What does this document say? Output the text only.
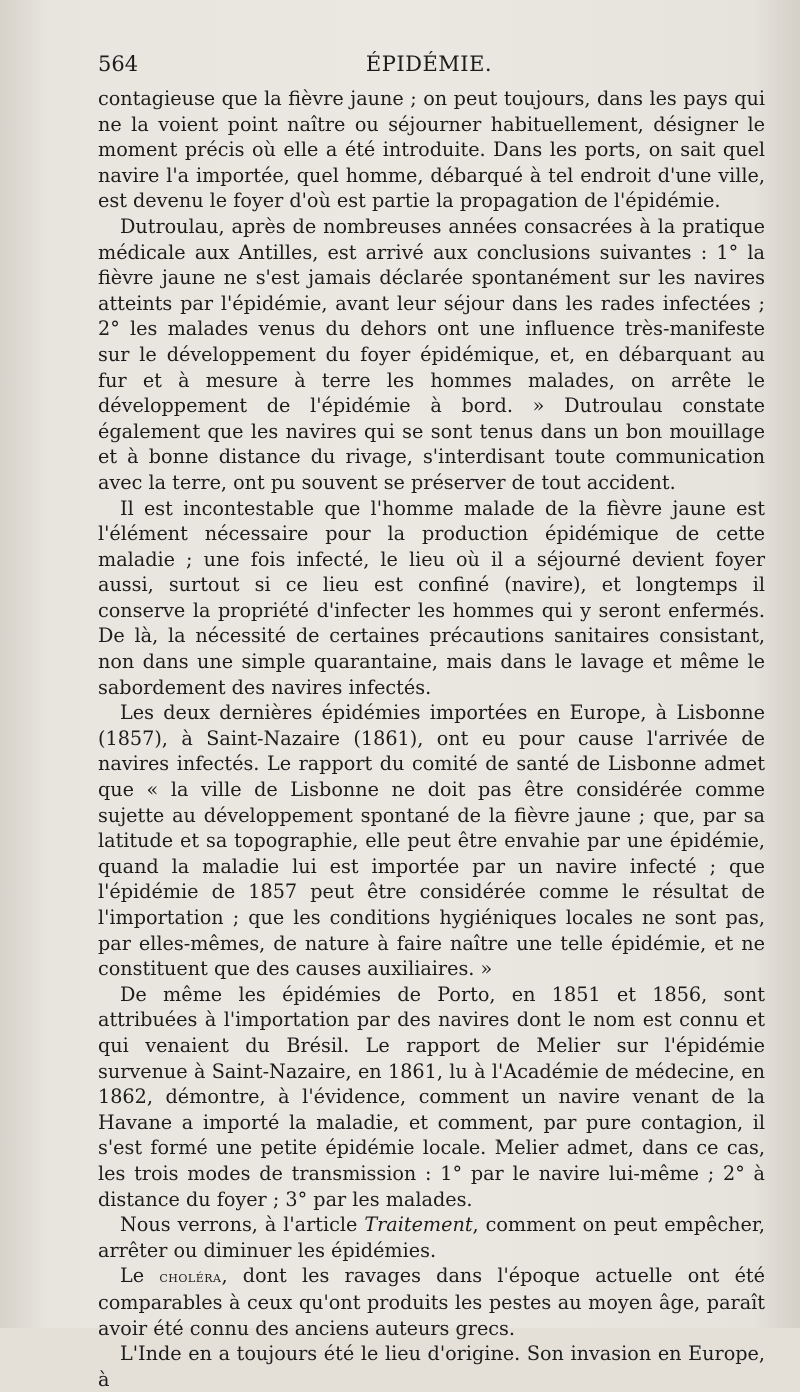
564	ÉPIDÉMIE.

contagieuse que la fièvre jaune ; on peut toujours, dans les pays qui ne la voient point naître ou séjourner habituellement, désigner le moment précis où elle a été introduite. Dans les ports, on sait quel navire l'a importée, quel homme, débarqué à tel endroit d'une ville, est devenu le foyer d'où est partie la propagation de l'épidémie.

Dutroulau, après de nombreuses années consacrées à la pratique médicale aux Antilles, est arrivé aux conclusions suivantes : 1° la fièvre jaune ne s'est jamais déclarée spontanément sur les navires atteints par l'épidémie, avant leur séjour dans les rades infectées ; 2° les malades venus du dehors ont une influence très-manifeste sur le développement du foyer épidémique, et, en débarquant au fur et à mesure à terre les hommes malades, on arrête le développement de l'épidémie à bord. » Dutroulau constate également que les navires qui se sont tenus dans un bon mouillage et à bonne distance du rivage, s'interdisant toute communication avec la terre, ont pu souvent se préserver de tout accident.

Il est incontestable que l'homme malade de la fièvre jaune est l'élément nécessaire pour la production épidémique de cette maladie ; une fois infecté, le lieu où il a séjourné devient foyer aussi, surtout si ce lieu est confiné (navire), et longtemps il conserve la propriété d'infecter les hommes qui y seront enfermés. De là, la nécessité de certaines précautions sanitaires consistant, non dans une simple quarantaine, mais dans le lavage et même le sabordement des navires infectés.

Les deux dernières épidémies importées en Europe, à Lisbonne (1857), à Saint-Nazaire (1861), ont eu pour cause l'arrivée de navires infectés. Le rapport du comité de santé de Lisbonne admet que « la ville de Lisbonne ne doit pas être considérée comme sujette au développement spontané de la fièvre jaune ; que, par sa latitude et sa topographie, elle peut être envahie par une épidémie, quand la maladie lui est importée par un navire infecté ; que l'épidémie de 1857 peut être considérée comme le résultat de l'importation ; que les conditions hygiéniques locales ne sont pas, par elles-mêmes, de nature à faire naître une telle épidémie, et ne constituent que des causes auxiliaires. »

De même les épidémies de Porto, en 1851 et 1856, sont attribuées à l'importation par des navires dont le nom est connu et qui venaient du Brésil. Le rapport de Melier sur l'épidémie survenue à Saint-Nazaire, en 1861, lu à l'Académie de médecine, en 1862, démontre, à l'évidence, comment un navire venant de la Havane a importé la maladie, et comment, par pure contagion, il s'est formé une petite épidémie locale. Melier admet, dans ce cas, les trois modes de transmission : 1° par le navire lui-même ; 2° à distance du foyer ; 3° par les malades.

Nous verrons, à l'article Traitement, comment on peut empêcher, arrêter ou diminuer les épidémies.

Le choléra, dont les ravages dans l'époque actuelle ont été comparables à ceux qu'ont produits les pestes au moyen âge, paraît avoir été connu des anciens auteurs grecs.

L'Inde en a toujours été le lieu d'origine. Son invasion en Europe, à
